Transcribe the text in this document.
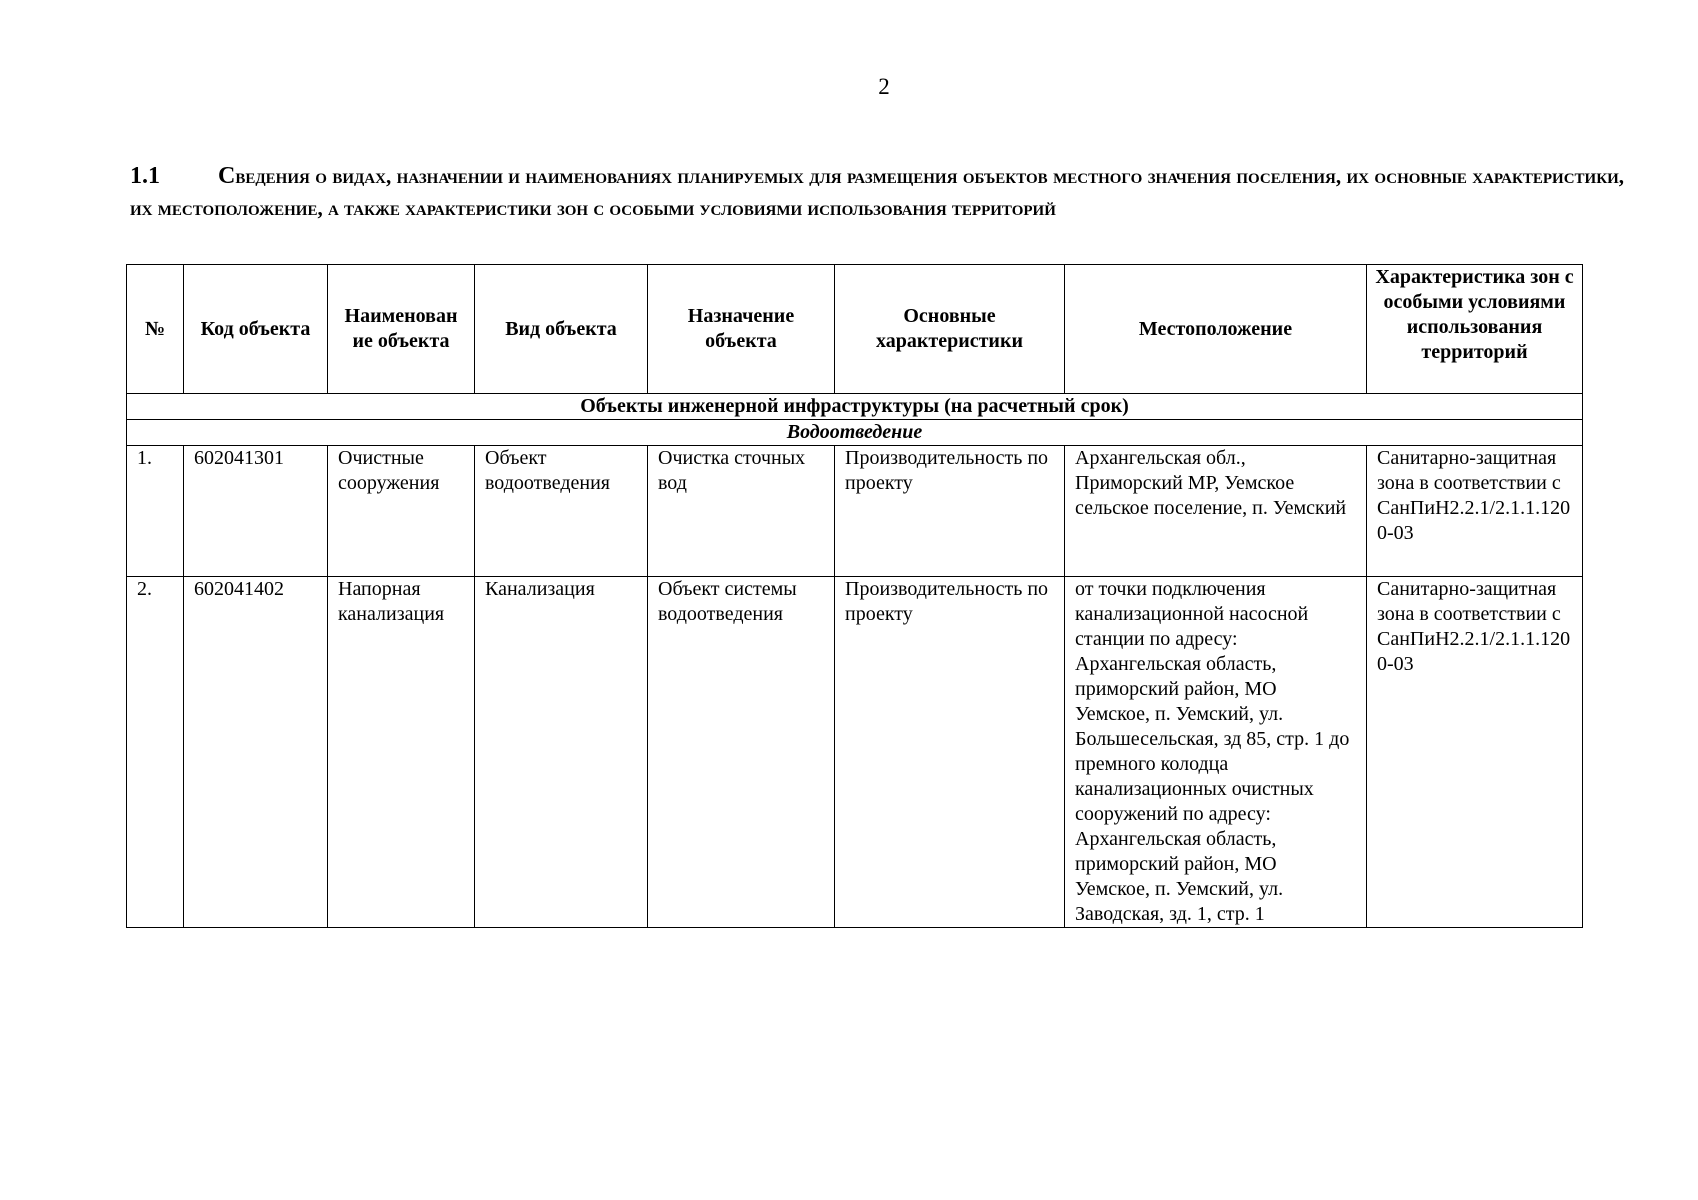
2
1.1 Сведения о видах, назначении и наименованиях планируемых для размещения объектов местного значения поселения, их основные характеристики, их местоположение, а также характеристики зон с особыми условиями использования территорий
№	Код объекта	Наименован ие объекта	Вид объекта	Назначение объекта	Основные характеристики	Местоположение	Характеристика зон с особыми условиями использования территорий
Объекты инженерной инфраструктуры (на расчетный срок)							
Водоотведение							
1.	602041301	Очистные сооружения	Объект водоотведения	Очистка сточных вод	Производительность по проекту	Архангельская обл., Приморский МР, Уемское сельское поселение, п. Уемский	Санитарно-защитная зона в соответствии с СанПиН2.2.1/2.1.1.1200-03
2.	602041402	Напорная канализация	Канализация	Объект системы водоотведения	Производительность по проекту	от точки подключения канализационной насосной станции по адресу: Архангельская область, приморский район, МО Уемское, п. Уемский, ул. Большесельская, зд 85, стр. 1 до премного колодца канализационных очистных сооружений по адресу: Архангельская область, приморский район, МО Уемское, п. Уемский, ул. Заводская, зд. 1, стр. 1	Санитарно-защитная зона в соответствии с СанПиН2.2.1/2.1.1.1200-03
